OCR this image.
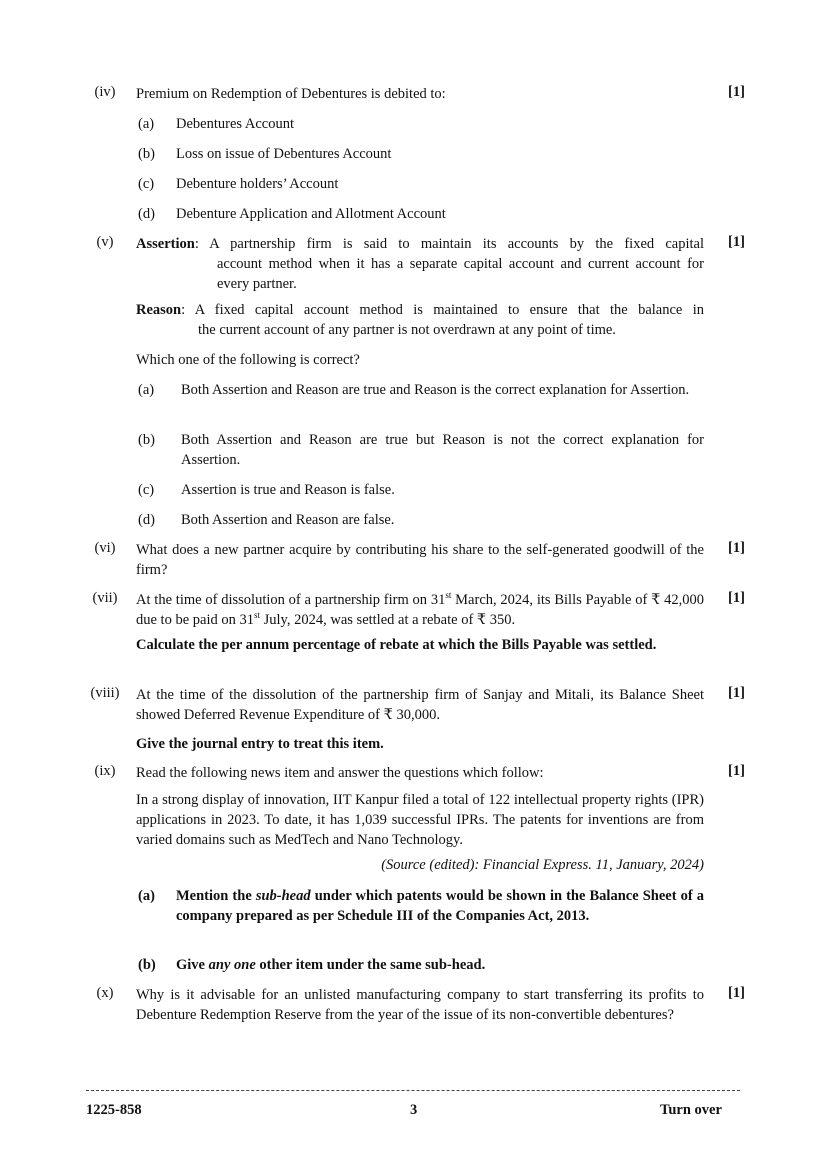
(iv)	Premium on Redemption of Debentures is debited to:	[1]
(a)	Debentures Account
(b)	Loss on issue of Debentures Account
(c)	Debenture holders’ Account
(d)	Debenture Application and Allotment Account
(v)	[1]
Assertion: A partnership firm is said to maintain its accounts by the fixed capital
account method when it has a separate capital account and current account for every partner.
Reason: A fixed capital account method is maintained to ensure that the balance in
the current account of any partner is not overdrawn at any point of time.
Which one of the following is correct?
(a)	Both Assertion and Reason are true and Reason is the correct explanation for Assertion.
(b)	Both Assertion and Reason are true but Reason is not the correct explanation for Assertion.
(c)	Assertion is true and Reason is false.
(d)	Both Assertion and Reason are false.
(vi)	What does a new partner acquire by contributing his share to the self-generated goodwill of the firm?
[1]
(vii)	At the time of dissolution of a partnership firm on 31st March, 2024, its Bills Payable of ₹ 42,000 due to be paid on 31st July, 2024, was settled at a rebate of ₹ 350.
[1]
Calculate the per annum percentage of rebate at which the Bills Payable was settled.
(viii)	At the time of the dissolution of the partnership firm of Sanjay and Mitali, its Balance Sheet showed Deferred Revenue Expenditure of ₹ 30,000.
[1]
Give the journal entry to treat this item.
(ix)	Read the following news item and answer the questions which follow:	[1]
In a strong display of innovation, IIT Kanpur filed a total of 122 intellectual property rights (IPR) applications in 2023. To date, it has 1,039 successful IPRs. The patents for inventions are from varied domains such as MedTech and Nano Technology.
(Source (edited): Financial Express. 11, January, 2024)
(a)	Mention the sub-head under which patents would be shown in the Balance Sheet of a company prepared as per Schedule III of the Companies Act, 2013.
(b)	Give any one other item under the same sub-head.
(x)	Why is it advisable for an unlisted manufacturing company to start transferring its profits to Debenture Redemption Reserve from the year of the issue of its non-convertible debentures?
[1]
1225-858	3	Turn over
